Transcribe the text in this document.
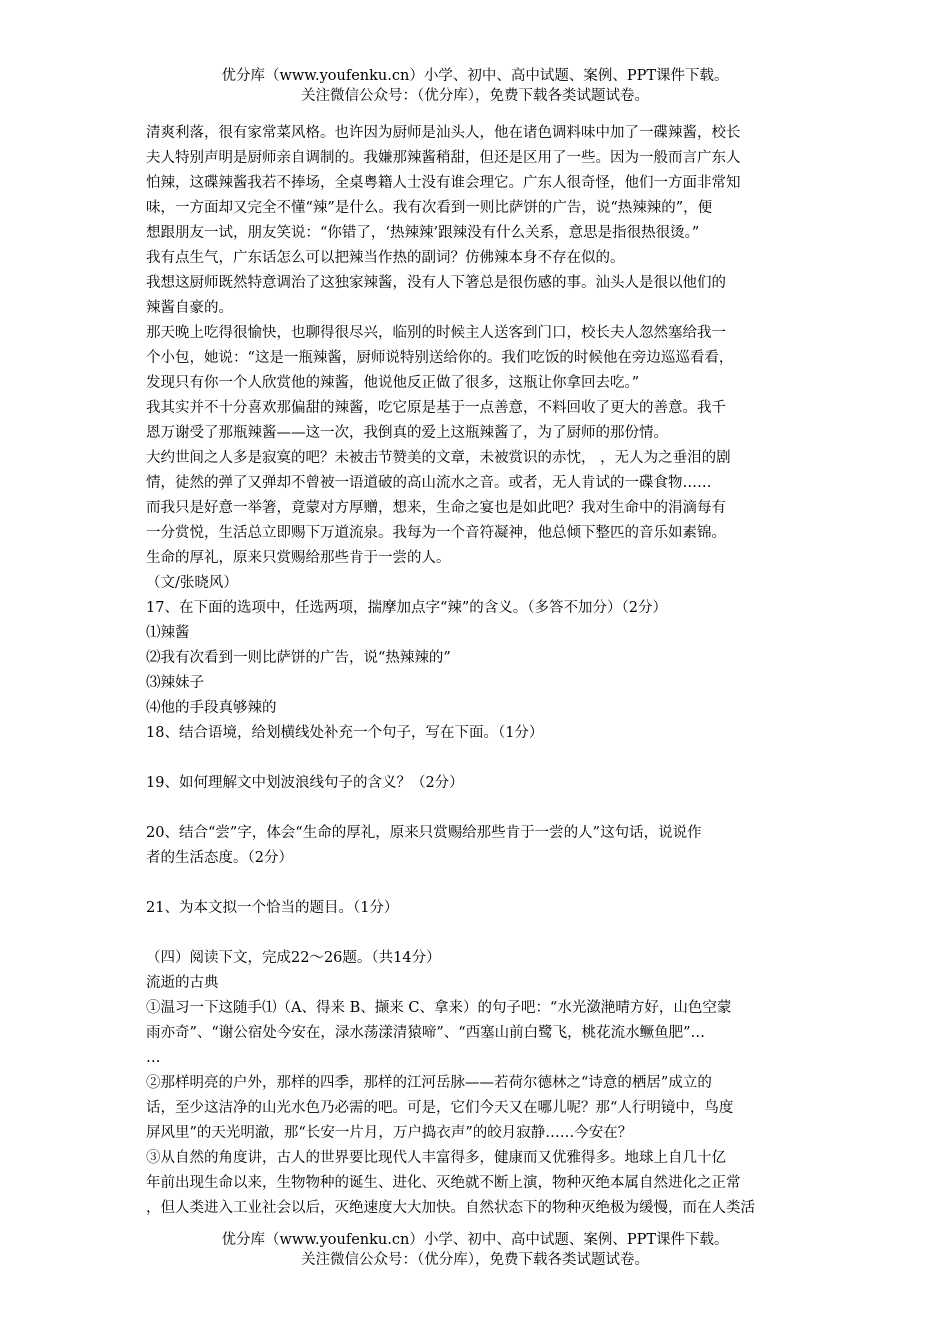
优分库（www.youfenku.cn）小学、初中、高中试题、案例、PPT课件下载。
关注微信公众号：（优分库），免费下载各类试题试卷。
清爽利落，很有家常菜风格。也许因为厨师是汕头人，他在诸色调料味中加了一碟辣酱，校长
夫人特别声明是厨师亲自调制的。我嫌那辣酱稍甜，但还是区用了一些。因为一般而言广东人
怕辣，这碟辣酱我若不捧场，全桌粤籍人士没有谁会理它。广东人很奇怪，他们一方面非常知
味，一方面却又完全不懂“辣”是什么。我有次看到一则比萨饼的广告，说“热辣辣的”，便
想跟朋友一试，朋友笑说：“你错了，‘热辣辣’跟辣没有什么关系，意思是指很热很烫。”
我有点生气，广东话怎么可以把辣当作热的副词？仿佛辣本身不存在似的。
我想这厨师既然特意调治了这独家辣酱，没有人下箸总是很伤感的事。汕头人是很以他们的
辣酱自豪的。
那天晚上吃得很愉快，也聊得很尽兴，临别的时候主人送客到门口，校长夫人忽然塞给我一
个小包，她说：“这是一瓶辣酱，厨师说特别送给你的。我们吃饭的时候他在旁边巡巡看看，
发现只有你一个人欣赏他的辣酱，他说他反正做了很多，这瓶让你拿回去吃。”
我其实并不十分喜欢那偏甜的辣酱，吃它原是基于一点善意，不料回收了更大的善意。我千
恩万谢受了那瓶辣酱——这一次，我倒真的爱上这瓶辣酱了，为了厨师的那份情。
大约世间之人多是寂寞的吧？未被击节赞美的文章，未被赏识的赤忱， ，无人为之垂泪的剧
情，徒然的弹了又弹却不曾被一语道破的高山流水之音。或者，无人肯试的一碟食物……
而我只是好意一举箸，竟蒙对方厚赠，想来，生命之宴也是如此吧？我对生命中的涓滴每有
一分赏悦，生活总立即赐下万道流泉。我每为一个音符凝神，他总倾下整匹的音乐如素锦。
生命的厚礼，原来只赏赐给那些肯于一尝的人。
（文/张晓风）
17、在下面的选项中，任选两项，揣摩加点字“辣”的含义。（多答不加分）（2分）
⑴辣酱
⑵我有次看到一则比萨饼的广告，说“热辣辣的”
⑶辣妹子
⑷他的手段真够辣的
18、结合语境，给划横线处补充一个句子，写在下面。（1分）
19、如何理解文中划波浪线句子的含义？（2分）
20、结合“尝”字，体会“生命的厚礼，原来只赏赐给那些肯于一尝的人”这句话，说说作
者的生活态度。（2分）
21、为本文拟一个恰当的题目。（1分）
（四）阅读下文，完成22～26题。（共14分）
流逝的古典
①温习一下这随手⑴（A、得来 B、撷来 C、拿来）的句子吧：“水光潋滟晴方好，山色空蒙
雨亦奇”、“谢公宿处今安在，渌水荡漾清猿啼”、“西塞山前白鹭飞，桃花流水鳜鱼肥”…
…
②那样明亮的户外，那样的四季，那样的江河岳脉——若荷尔德林之“诗意的栖居”成立的
话，至少这洁净的山光水色乃必需的吧。可是，它们今天又在哪儿呢？那“人行明镜中，鸟度
屏风里”的天光明澈，那“长安一片月，万户捣衣声”的皎月寂静……今安在？
③从自然的角度讲，古人的世界要比现代人丰富得多，健康而又优雅得多。地球上自几十亿
年前出现生命以来，生物物种的诞生、进化、灭绝就不断上演，物种灭绝本属自然进化之正常
，但人类进入工业社会以后，灭绝速度大大加快。自然状态下的物种灭绝极为缓慢，而在人类活
优分库（www.youfenku.cn）小学、初中、高中试题、案例、PPT课件下载。
关注微信公众号：（优分库），免费下载各类试题试卷。
